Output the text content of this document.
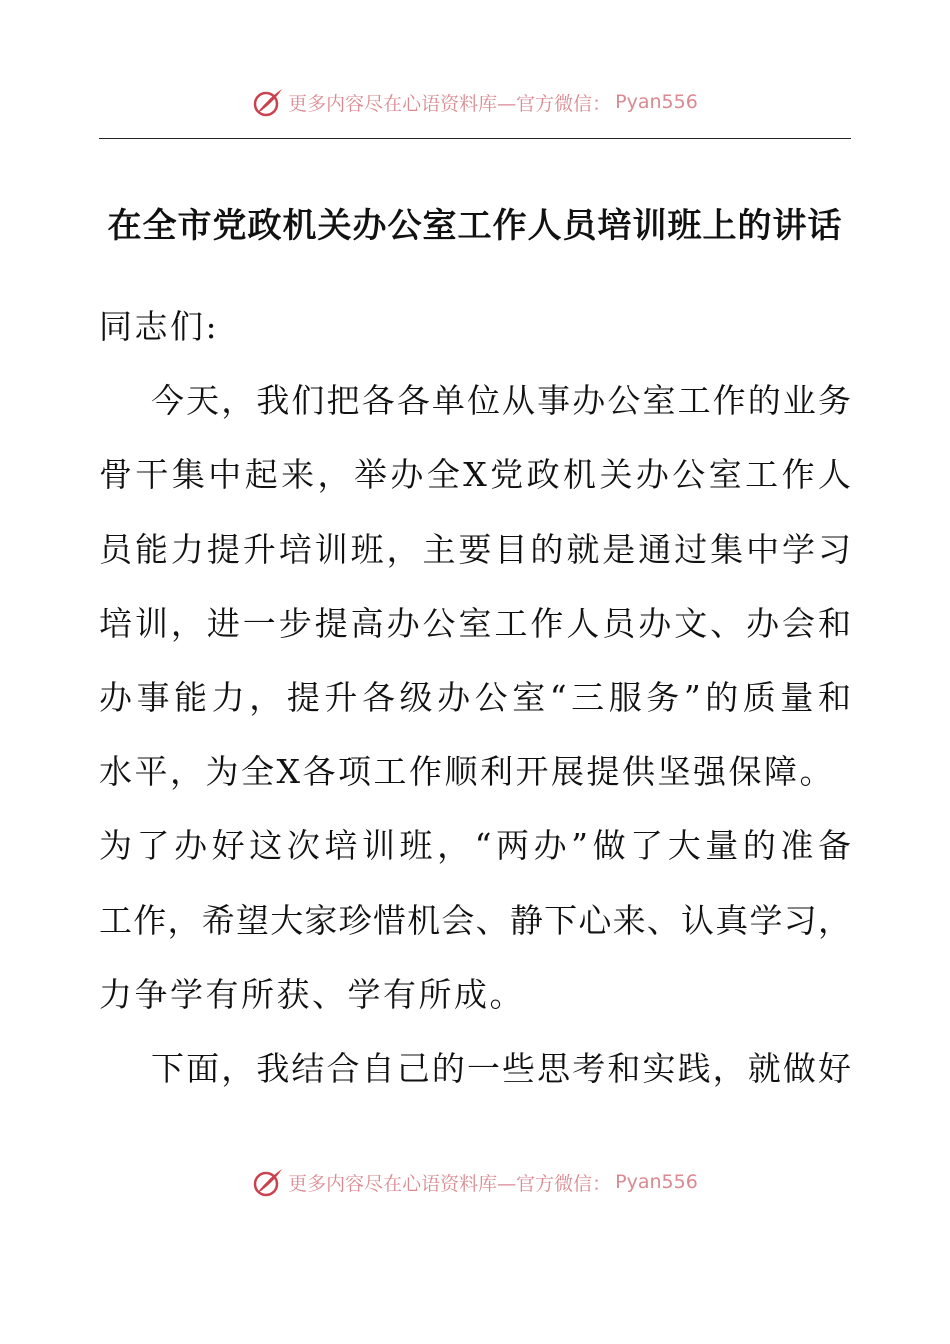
更多内容尽在心语资料库—官方微信： Pyan556
在全市党政机关办公室工作人员培训班上的讲话
同志们:
今天，我们把各各单位从事办公室工作的业务
骨干集中起来，举办全X党政机关办公室工作人
员能力提升培训班，主要目的就是通过集中学习
培训，进一步提高办公室工作人员办文、办会和
办事能力，提升各级办公室“三服务”的质量和
水平，为全X各项工作顺利开展提供坚强保障。
为了办好这次培训班，“两办”做了大量的准备
工作，希望大家珍惜机会、静下心来、认真学习，
力争学有所获、学有所成。
下面，我结合自己的一些思考和实践，就做好
更多内容尽在心语资料库—官方微信： Pyan556
